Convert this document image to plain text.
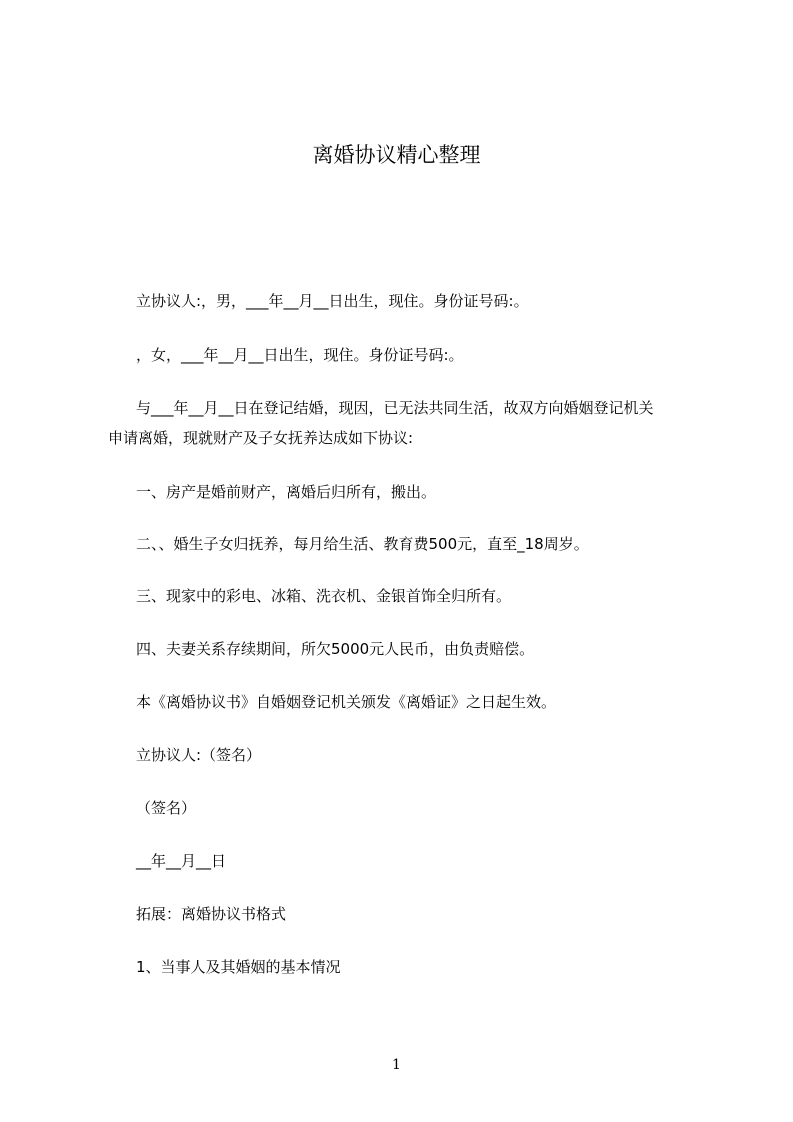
离婚协议精心整理
立协议人:，男，___年__月__日出生，现住。身份证号码:。
，女，___年__月__日出生，现住。身份证号码:。
与___年__月__日在登记结婚，现因，已无法共同生活，故双方向婚姻登记机关
申请离婚，现就财产及子女抚养达成如下协议:
一、房产是婚前财产，离婚后归所有，搬出。
二、、婚生子女归抚养，每月给生活、教育费500元，直至_18周岁。
三、现家中的彩电、冰箱、洗衣机、金银首饰全归所有。
四、夫妻关系存续期间，所欠5000元人民币，由负责赔偿。
本《离婚协议书》自婚姻登记机关颁发《离婚证》之日起生效。
立协议人:（签名）
（签名）
__年__月__日
拓展：离婚协议书格式
1、当事人及其婚姻的基本情况
1
